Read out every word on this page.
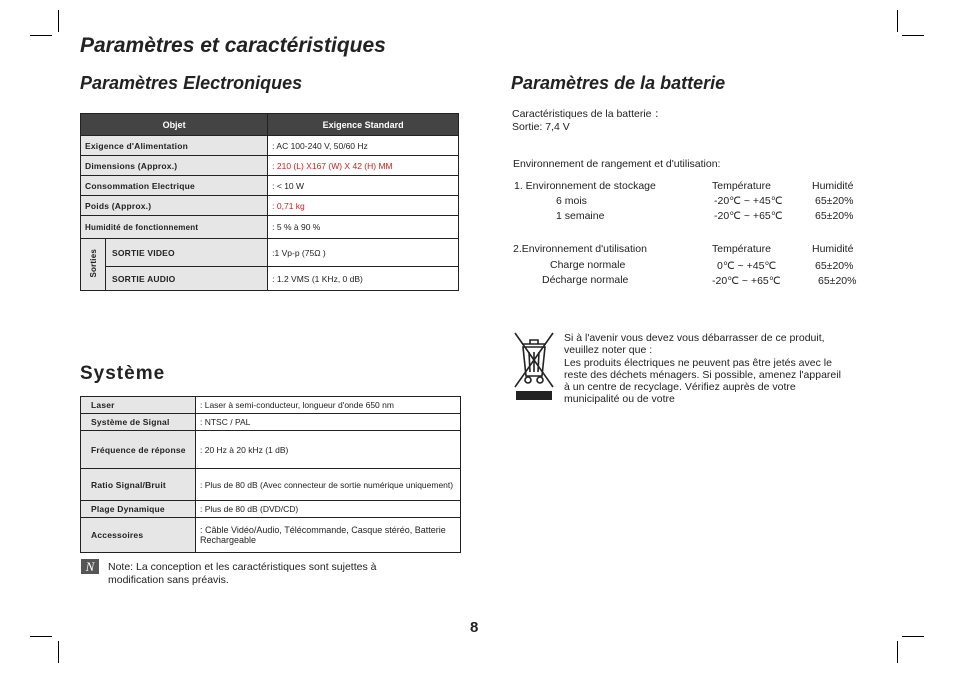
Paramètres et caractéristiques
Paramètres Electroniques
Objet		Exigence Standard
Exigence d'Alimentation		: AC 100-240 V, 50/60 Hz
Dimensions (Approx.)		: 210 (L) X167 (W) X 42 (H) MM
Consommation Electrique		: < 10 W
Poids (Approx.)		: 0,71 kg
Humidité de fonctionnement		: 5 % à 90 %
Sorties	SORTIE VIDEO	:1 Vp-p (75Ω )
	SORTIE AUDIO	: 1.2 VMS (1 KHz, 0 dB)
Système
Laser	: Laser à semi-conducteur, longueur d'onde 650 nm
Système de Signal	: NTSC / PAL
Fréquence de réponse	: 20 Hz à 20 kHz (1 dB)
Ratio Signal/Bruit	: Plus de 80 dB (Avec connecteur de sortie numérique uniquement)
Plage Dynamique	: Plus de 80 dB (DVD/CD)
Accessoires	: Câble Vidéo/Audio, Télécommande, Casque stéréo, Batterie Rechargeable
N	Note: La conception et les caractéristiques sont sujettes à
modification sans préavis.
Paramètres de la batterie
Caractéristiques de la batterie ：
Sortie: 7,4 V
Environnement de rangement et d'utilisation:
1. Environnement de stockage	Température	Humidité
6 mois	-20℃ ~ +45℃	65±20%
1 semaine	-20℃ ~ +65℃	65±20%
2.Environnement d'utilisation	Température	Humidité
Charge normale	0℃ ~ +45℃	65±20%
Décharge normale	-20℃ ~ +65℃	65±20%
Si à l'avenir vous devez vous débarrasser de ce produit,
veuillez noter que :
Les produits électriques ne peuvent pas être jetés avec le
reste des déchets ménagers. Si possible, amenez l'appareil
à un centre de recyclage. Vérifiez auprès de votre
municipalité ou de votre
8
